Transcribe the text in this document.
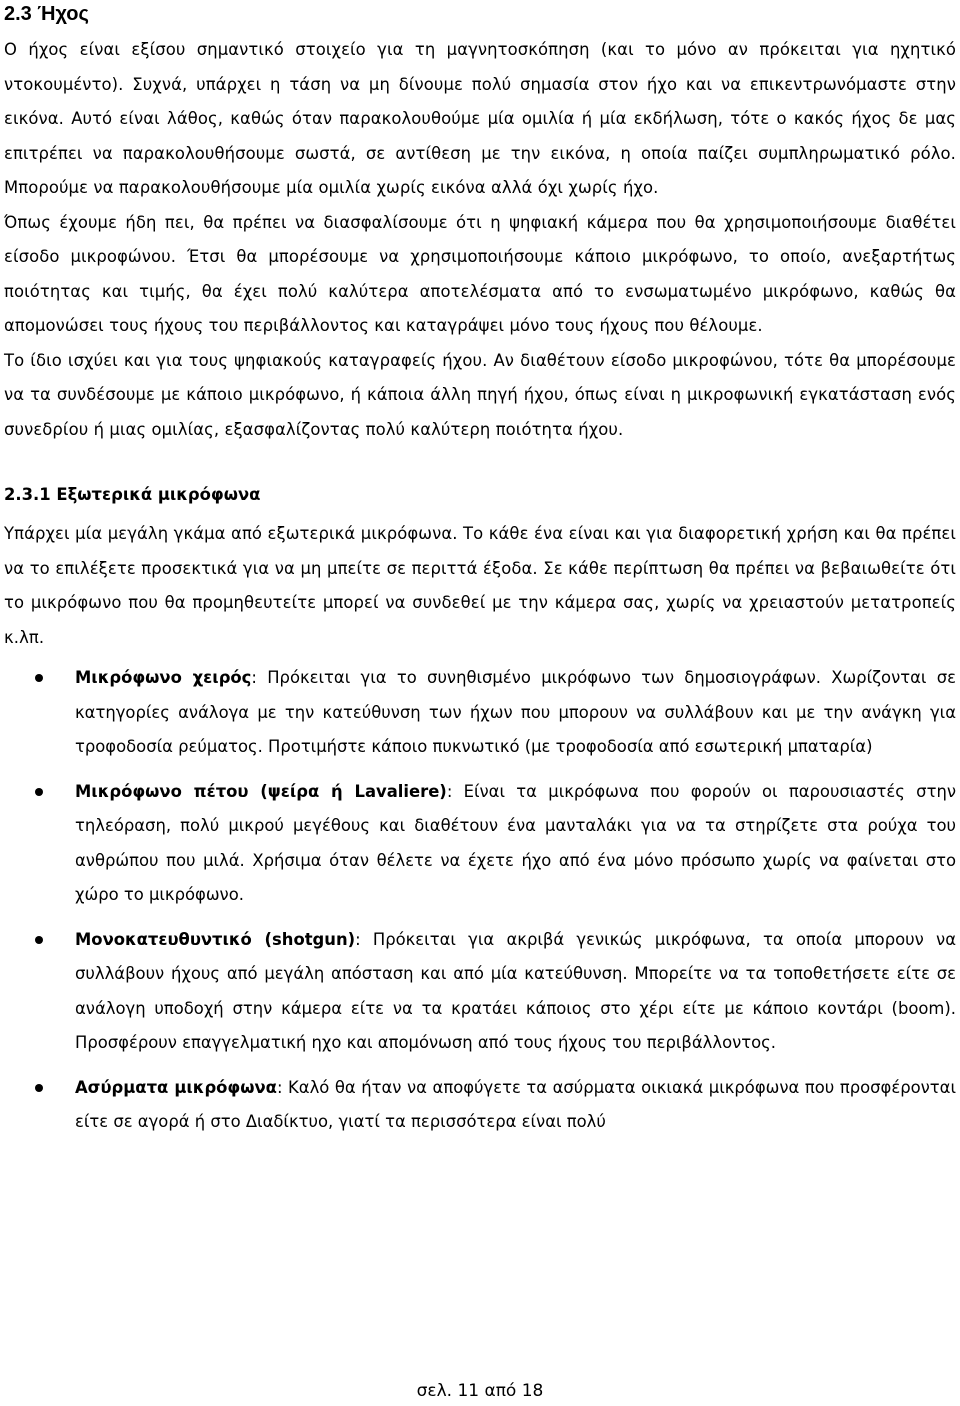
2.3 Ήχος

Ο ήχος είναι εξίσου σημαντικό στοιχείο για τη μαγνητοσκόπηση (και το μόνο αν πρόκειται για ηχητικό ντοκουμέντο). Συχνά, υπάρχει η τάση να μη δίνουμε πολύ σημασία στον ήχο και να επικεντρωνόμαστε στην εικόνα. Αυτό είναι λάθος, καθώς όταν παρακολουθούμε μία ομιλία ή μία εκδήλωση, τότε ο κακός ήχος δε μας επιτρέπει να παρακολουθήσουμε σωστά, σε αντίθεση με την εικόνα, η οποία παίζει συμπληρωματικό ρόλο. Μπορούμε να παρακολουθήσουμε μία ομιλία χωρίς εικόνα αλλά όχι χωρίς ήχο.

Όπως έχουμε ήδη πει, θα πρέπει να διασφαλίσουμε ότι η ψηφιακή κάμερα που θα χρησιμοποιήσουμε διαθέτει είσοδο μικροφώνου. Έτσι θα μπορέσουμε να χρησιμοποιήσουμε κάποιο μικρόφωνο, το οποίο, ανεξαρτήτως ποιότητας και τιμής, θα έχει πολύ καλύτερα αποτελέσματα από το ενσωματωμένο μικρόφωνο, καθώς θα απομονώσει τους ήχους του περιβάλλοντος και καταγράψει μόνο τους ήχους που θέλουμε.

Το ίδιο ισχύει και για τους ψηφιακούς καταγραφείς ήχου. Αν διαθέτουν είσοδο μικροφώνου, τότε θα μπορέσουμε να τα συνδέσουμε με κάποιο μικρόφωνο, ή κάποια άλλη πηγή ήχου, όπως είναι η μικροφωνική εγκατάσταση ενός συνεδρίου ή μιας ομιλίας, εξασφαλίζοντας πολύ καλύτερη ποιότητα ήχου.

2.3.1 Εξωτερικά μικρόφωνα

Υπάρχει μία μεγάλη γκάμα από εξωτερικά μικρόφωνα. Το κάθε ένα είναι και για διαφορετική χρήση και θα πρέπει να το επιλέξετε προσεκτικά για να μη μπείτε σε περιττά έξοδα. Σε κάθε περίπτωση θα πρέπει να βεβαιωθείτε ότι το μικρόφωνο που θα προμηθευτείτε μπορεί να συνδεθεί με την κάμερα σας, χωρίς να χρειαστούν μετατροπείς κ.λπ.

Μικρόφωνο χειρός: Πρόκειται για το συνηθισμένο μικρόφωνο των δημοσιογράφων. Χωρίζονται σε κατηγορίες ανάλογα με την κατεύθυνση των ήχων που μπορουν να συλλάβουν και με την ανάγκη για τροφοδοσία ρεύματος. Προτιμήστε κάποιο πυκνωτικό (με τροφοδοσία από εσωτερική μπαταρία)
Μικρόφωνο πέτου (ψείρα ή Lavaliere): Είναι τα μικρόφωνα που φορούν οι παρουσιαστές στην τηλεόραση, πολύ μικρού μεγέθους και διαθέτουν ένα μανταλάκι για να τα στηρίζετε στα ρούχα του ανθρώπου που μιλά. Χρήσιμα όταν θέλετε να έχετε ήχο από ένα μόνο πρόσωπο χωρίς να φαίνεται στο χώρο το μικρόφωνο.
Μονοκατευθυντικό (shotgun): Πρόκειται για ακριβά γενικώς μικρόφωνα, τα οποία μπορουν να συλλάβουν ήχους από μεγάλη απόσταση και από μία κατεύθυνση. Μπορείτε να τα τοποθετήσετε είτε σε ανάλογη υποδοχή στην κάμερα είτε να τα κρατάει κάποιος στο χέρι είτε με κάποιο κοντάρι (boom). Προσφέρουν επαγγελματική ηχο και απομόνωση από τους ήχους του περιβάλλοντος.
Ασύρματα μικρόφωνα: Καλό θα ήταν να αποφύγετε τα ασύρματα οικιακά μικρόφωνα που προσφέρονται είτε σε αγορά ή στο Διαδίκτυο, γιατί τα περισσότερα είναι πολύ
σελ. 11 από 18
